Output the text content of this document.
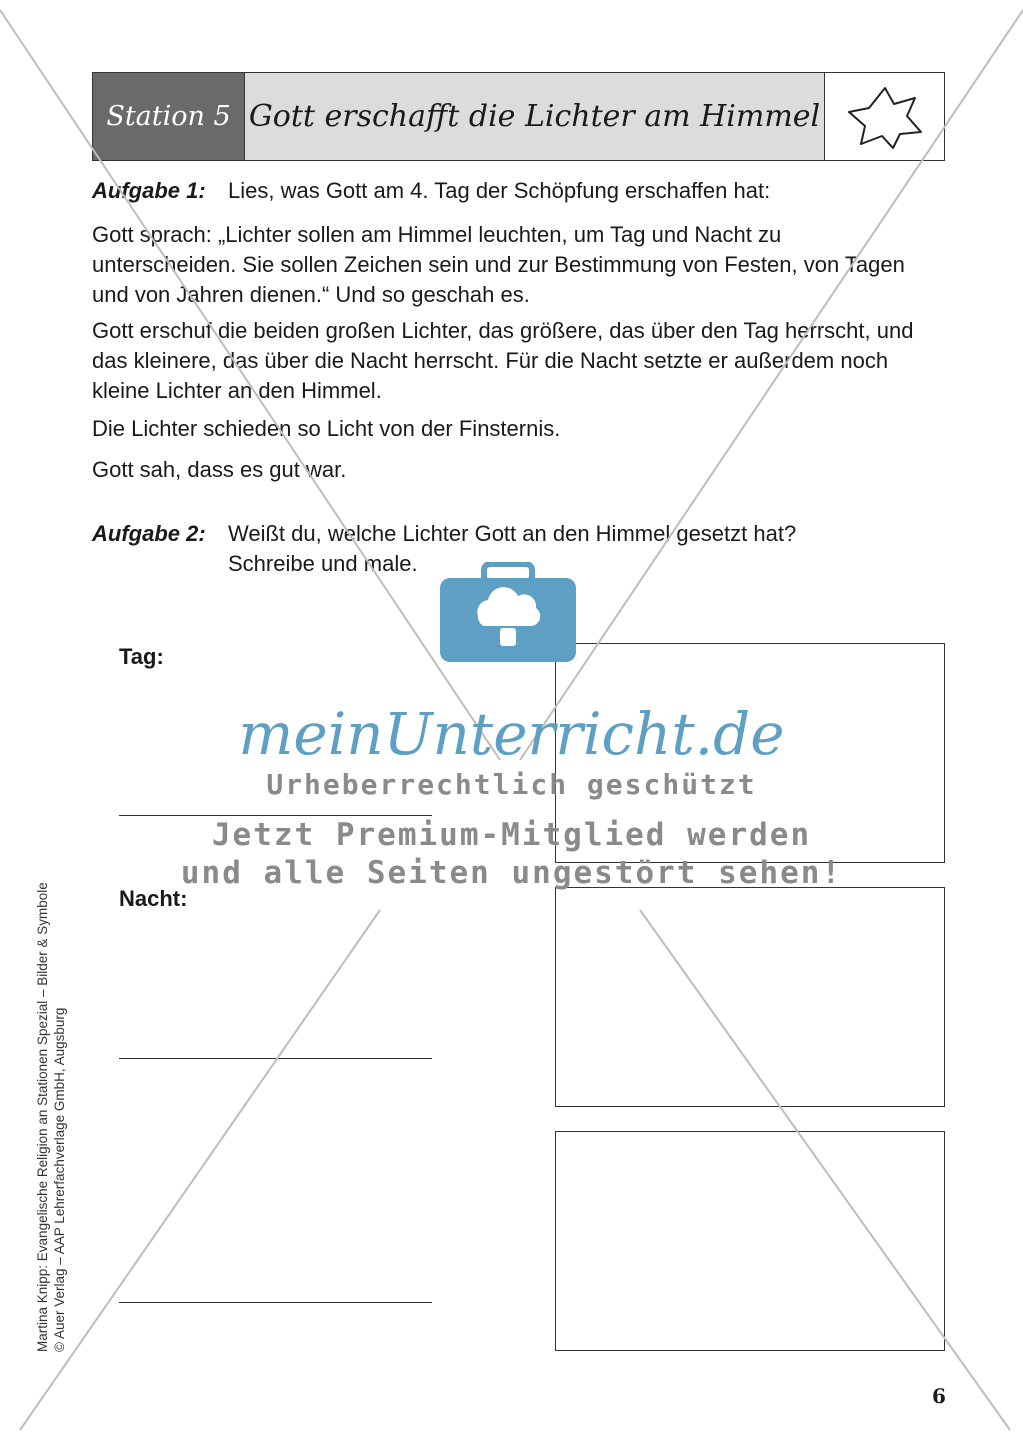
Station 5 Gott erschafft die Lichter am Himmel
Aufgabe 1: Lies, was Gott am 4. Tag der Schöpfung erschaffen hat:
Gott sprach: „Lichter sollen am Himmel leuchten, um Tag und Nacht zu unterscheiden. Sie sollen Zeichen sein und zur Bestimmung von Festen, von Tagen und von Jahren dienen.“ Und so geschah es.
Gott erschuf die beiden großen Lichter, das größere, das über den Tag herrscht, und das kleinere, das über die Nacht herrscht. Für die Nacht setzte er außerdem noch kleine Lichter an den Himmel.
Die Lichter schieden so Licht von der Finsternis.
Gott sah, dass es gut war.
Aufgabe 2: Weißt du, welche Lichter Gott an den Himmel gesetzt hat?
Schreibe und male.
Tag:
Nacht:
Martina Knipp: Evangelische Religion an Stationen Spezial – Bilder & Symbole © Auer Verlag – AAP Lehrerfachverlage GmbH, Augsburg
6
meinUnterricht.de
Urheberrechtlich geschützt
Jetzt Premium-Mitglied werden
und alle Seiten ungestört sehen!
